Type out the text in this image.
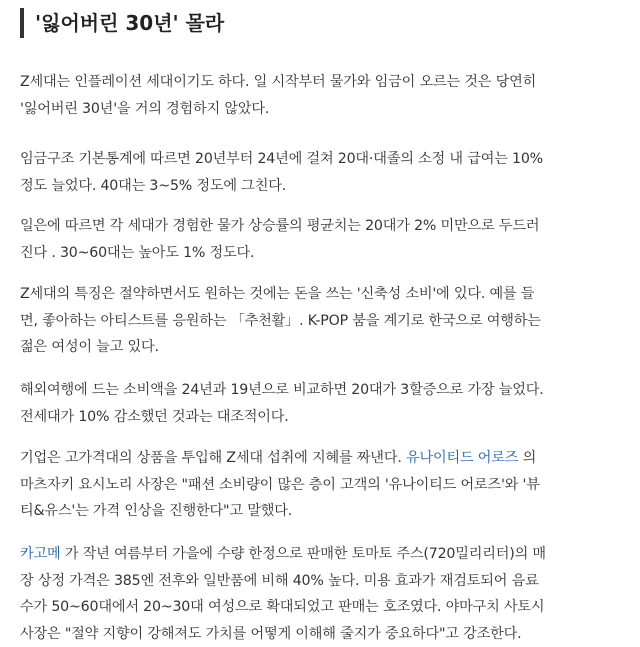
'잃어버린 30년' 몰라

Z세대는 인플레이션 세대이기도 하다. 일 시작부터 물가와 임금이 오르는 것은 당연히
'잃어버린 30년'을 거의 경험하지 않았다.

임금구조 기본통계에 따르면 20년부터 24년에 걸쳐 20대·대졸의 소정 내 급여는 10%
정도 늘었다. 40대는 3~5% 정도에 그친다.

일은에 따르면 각 세대가 경험한 물가 상승률의 평균치는 20대가 2% 미만으로 두드러
진다 . 30~60대는 높아도 1% 정도다.

Z세대의 특징은 절약하면서도 원하는 것에는 돈을 쓰는 '신축성 소비'에 있다. 예를 들
면, 좋아하는 아티스트를 응원하는 「추천활」. K-POP 붐을 계기로 한국으로 여행하는
젊은 여성이 늘고 있다.

해외여행에 드는 소비액을 24년과 19년으로 비교하면 20대가 3할증으로 가장 늘었다.
전세대가 10% 감소했던 것과는 대조적이다.

기업은 고가격대의 상품을 투입해 Z세대 섭취에 지혜를 짜낸다. 유나이티드 어로즈 의
마츠자키 요시노리 사장은 "패션 소비량이 많은 층이 고객의 '유나이티드 어로즈'와 '뷰
티&유스'는 가격 인상을 진행한다"고 말했다.

카고메 가 작년 여름부터 가을에 수량 한정으로 판매한 토마토 주스(720밀리리터)의 매
장 상정 가격은 385엔 전후와 일반품에 비해 40% 높다. 미용 효과가 재검토되어 음료
수가 50~60대에서 20~30대 여성으로 확대되었고 판매는 호조였다. 야마구치 사토시
사장은 "절약 지향이 강해져도 가치를 어떻게 이해해 줄지가 중요하다"고 강조한다.
